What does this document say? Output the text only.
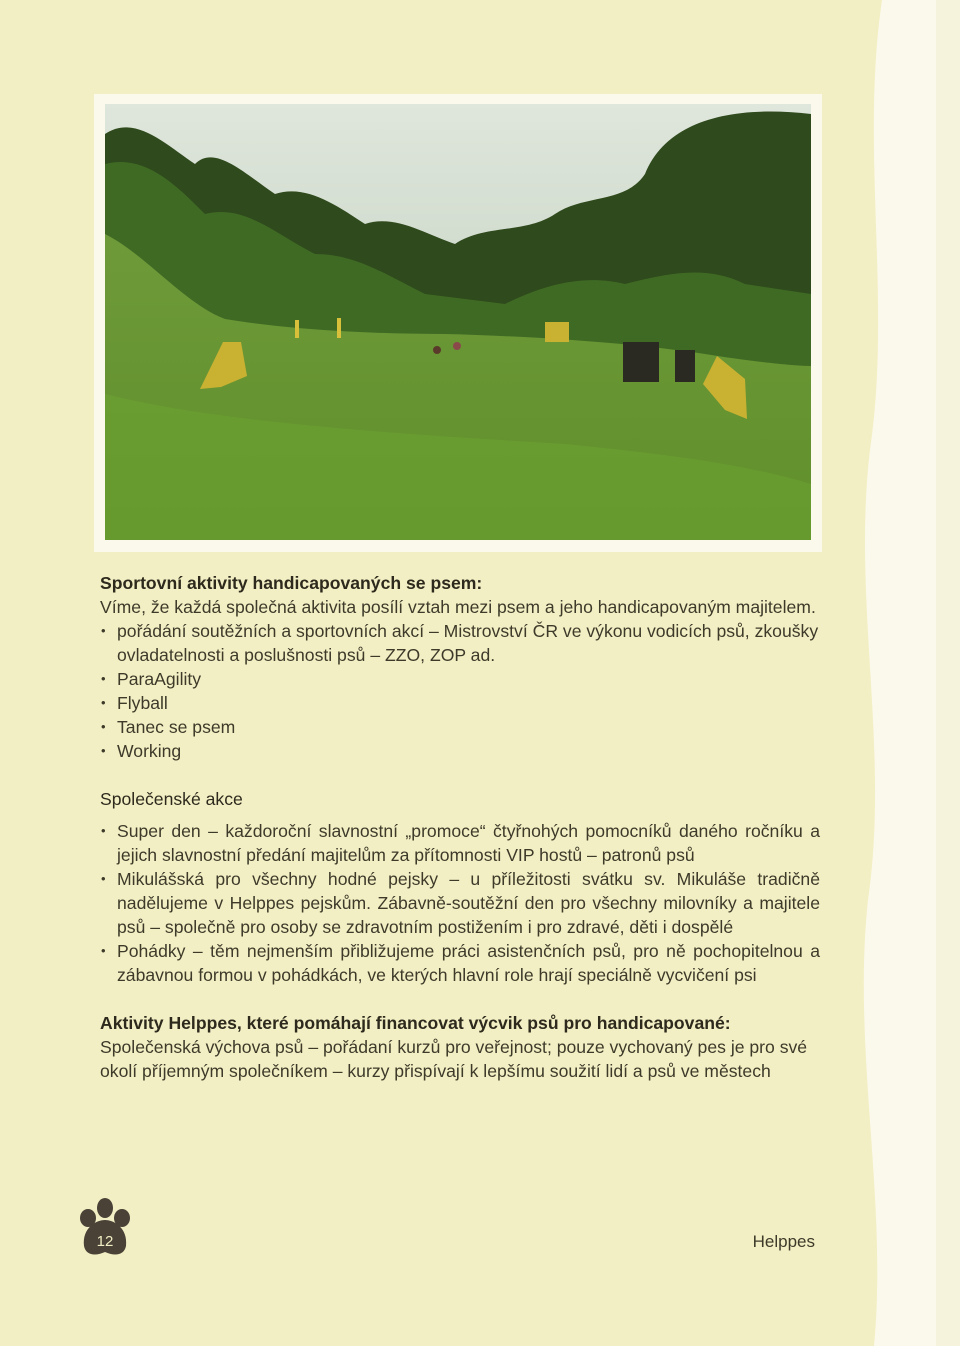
Sportovní aktivity handicapovaných se psem:

Víme, že každá společná aktivita posílí vztah mezi psem a jeho handicapovaným majitelem.

• pořádání soutěžních a sportovních akcí – Mistrovství ČR ve výkonu vodicích psů, zkoušky ovladatelnosti a poslušnosti psů – ZZO, ZOP ad.
• ParaAgility
• Flyball
• Tanec se psem
• Working

Společenské akce

• Super den – každoroční slavnostní „promoce“ čtyřnohých pomocníků daného ročníku a jejich slavnostní předání majitelům za přítomnosti VIP hostů – patronů psů
• Mikulášská pro všechny hodné pejsky – u příležitosti svátku sv. Mikuláše tradičně nadělujeme v Helppes pejskům. Zábavně-soutěžní den pro všechny milovníky a majitele psů – společně pro osoby se zdravotním postižením i pro zdravé, děti i dospělé
• Pohádky – těm nejmenším přibližujeme práci asistenčních psů, pro ně pochopitelnou a zábavnou formou v pohádkách, ve kterých hlavní role hrají speciálně vycvičení psi

Aktivity Helppes, které pomáhají financovat výcvik psů pro handicapované:

Společenská výchova psů – pořádaní kurzů pro veřejnost; pouze vychovaný pes je pro své okolí příjemným společníkem – kurzy přispívají k lepšímu soužití lidí a psů ve městech

12	Helppes
